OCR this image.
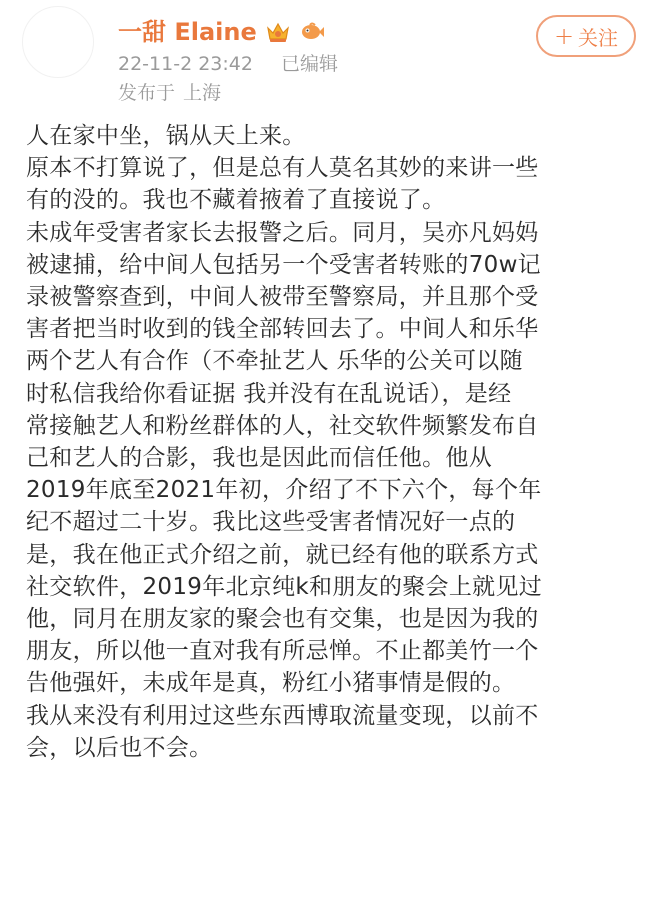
一甜 Elaine
22-11-2 23:42 已编辑
发布于 上海
+ 关注
人在家中坐，锅从天上来。
原本不打算说了，但是总有人莫名其妙的来讲一些
有的没的。我也不藏着掖着了直接说了。
未成年受害者家长去报警之后。同月，吴亦凡妈妈
被逮捕，给中间人包括另一个受害者转账的70w记
录被警察查到，中间人被带至警察局，并且那个受
害者把当时收到的钱全部转回去了。中间人和乐华
两个艺人有合作（不牵扯艺人 乐华的公关可以随
时私信我给你看证据 我并没有在乱说话），是经
常接触艺人和粉丝群体的人，社交软件频繁发布自
己和艺人的合影，我也是因此而信任他。他从
2019年底至2021年初，介绍了不下六个，每个年
纪不超过二十岁。我比这些受害者情况好一点的
是，我在他正式介绍之前，就已经有他的联系方式
社交软件，2019年北京纯k和朋友的聚会上就见过
他，同月在朋友家的聚会也有交集，也是因为我的
朋友，所以他一直对我有所忌惮。不止都美竹一个
告他强奸，未成年是真，粉红小猪事情是假的。
我从来没有利用过这些东西博取流量变现，以前不
会，以后也不会。
